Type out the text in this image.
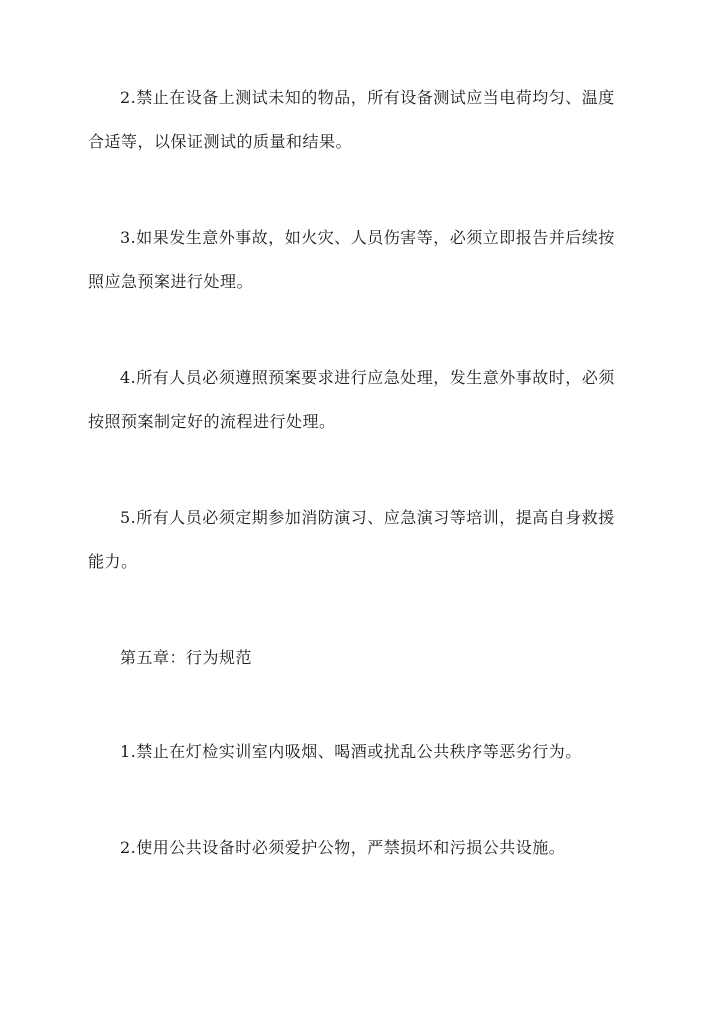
2.禁止在设备上测试未知的物品，所有设备测试应当电荷均匀、温度
合适等，以保证测试的质量和结果。

3.如果发生意外事故，如火灾、人员伤害等，必须立即报告并后续按
照应急预案进行处理。

4.所有人员必须遵照预案要求进行应急处理，发生意外事故时，必须
按照预案制定好的流程进行处理。

5.所有人员必须定期参加消防演习、应急演习等培训，提高自身救援
能力。

第五章：行为规范

1.禁止在灯检实训室内吸烟、喝酒或扰乱公共秩序等恶劣行为。

2.使用公共设备时必须爱护公物，严禁损坏和污损公共设施。
